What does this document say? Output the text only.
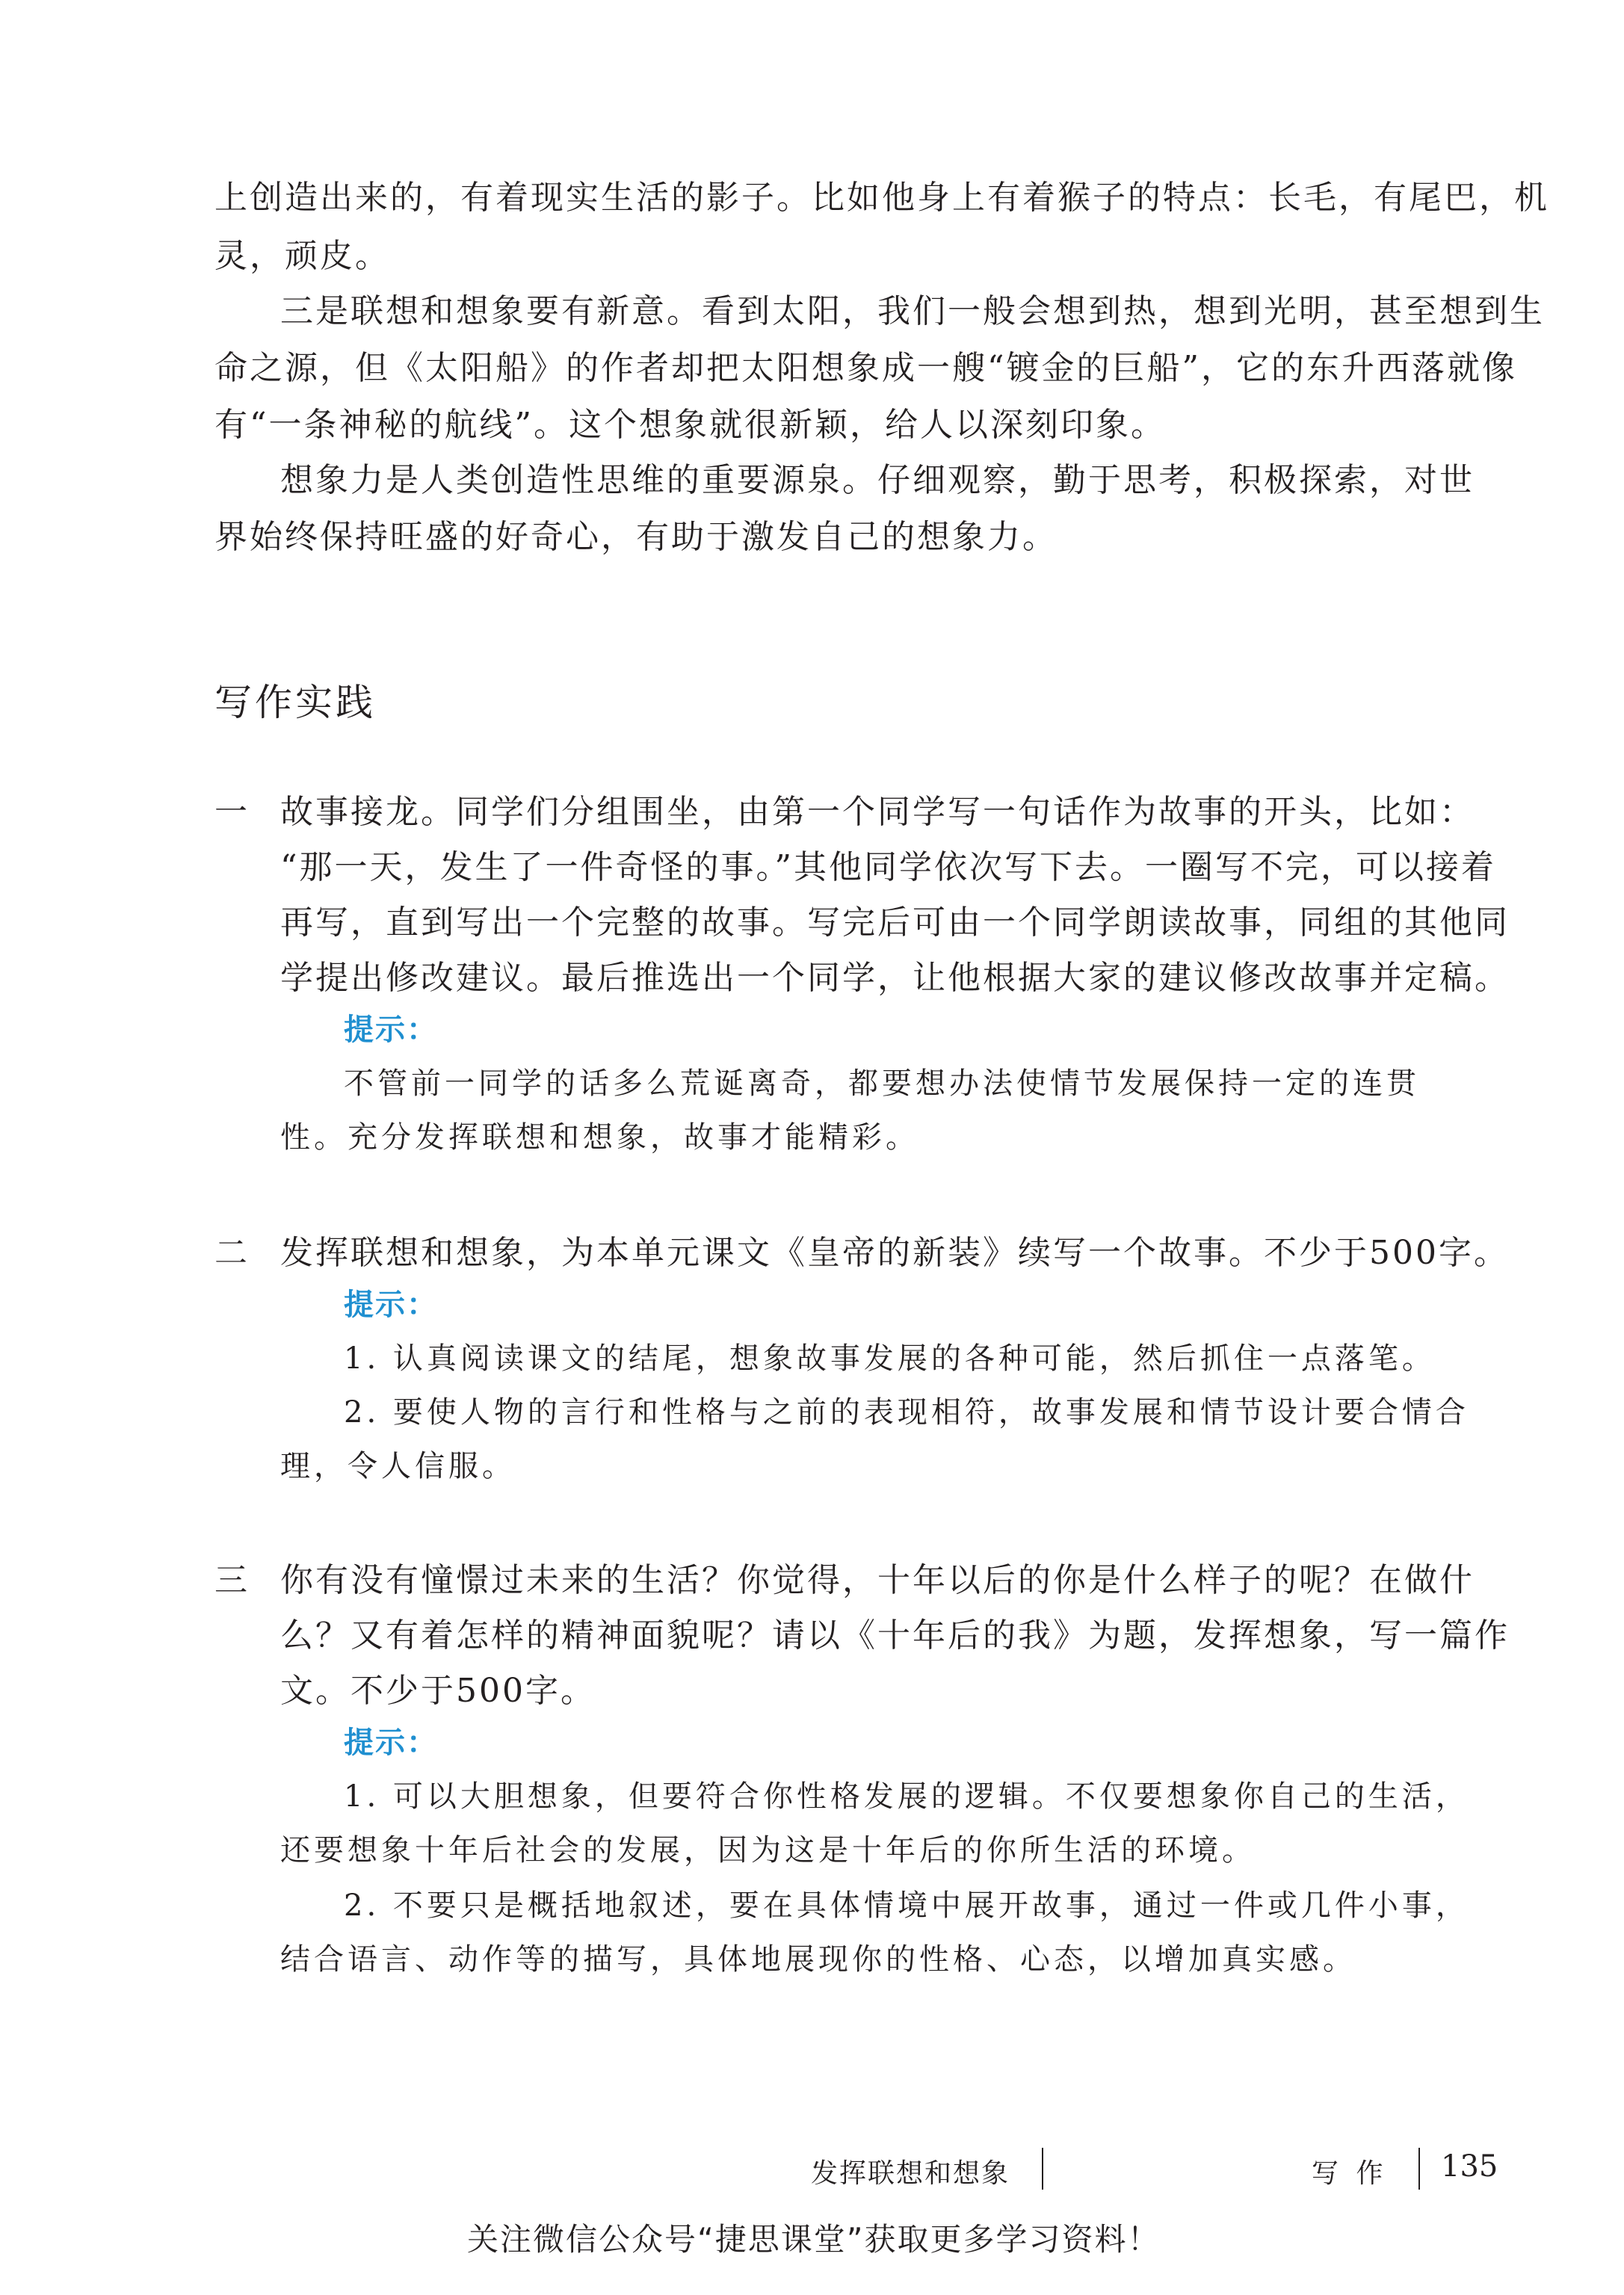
上创造出来的，有着现实生活的影子。比如他身上有着猴子的特点：长毛，有尾巴，机
灵，顽皮。
三是联想和想象要有新意。看到太阳，我们一般会想到热，想到光明，甚至想到生
命之源，但《太阳船》的作者却把太阳想象成一艘“镀金的巨船”，它的东升西落就像
有“一条神秘的航线”。这个想象就很新颖，给人以深刻印象。
想象力是人类创造性思维的重要源泉。仔细观察，勤于思考，积极探索，对世
界始终保持旺盛的好奇心，有助于激发自己的想象力。
写作实践
一 故事接龙。同学们分组围坐，由第一个同学写一句话作为故事的开头，比如：
“那一天，发生了一件奇怪的事。”其他同学依次写下去。一圈写不完，可以接着
再写，直到写出一个完整的故事。写完后可由一个同学朗读故事，同组的其他同
学提出修改建议。最后推选出一个同学，让他根据大家的建议修改故事并定稿。
提示：
不管前一同学的话多么荒诞离奇，都要想办法使情节发展保持一定的连贯
性。充分发挥联想和想象，故事才能精彩。
二 发挥联想和想象，为本单元课文《皇帝的新装》续写一个故事。不少于500字。
提示：
1. 认真阅读课文的结尾，想象故事发展的各种可能，然后抓住一点落笔。
2. 要使人物的言行和性格与之前的表现相符，故事发展和情节设计要合情合
理，令人信服。
三 你有没有憧憬过未来的生活？你觉得，十年以后的你是什么样子的呢？在做什
么？又有着怎样的精神面貌呢？请以《十年后的我》为题，发挥想象，写一篇作
文。不少于500字。
提示：
1. 可以大胆想象，但要符合你性格发展的逻辑。不仅要想象你自己的生活，
还要想象十年后社会的发展，因为这是十年后的你所生活的环境。
2. 不要只是概括地叙述，要在具体情境中展开故事，通过一件或几件小事，
结合语言、动作等的描写，具体地展现你的性格、心态，以增加真实感。
发挥联想和想象	写 作 135
关注微信公众号“捷思课堂”获取更多学习资料！
